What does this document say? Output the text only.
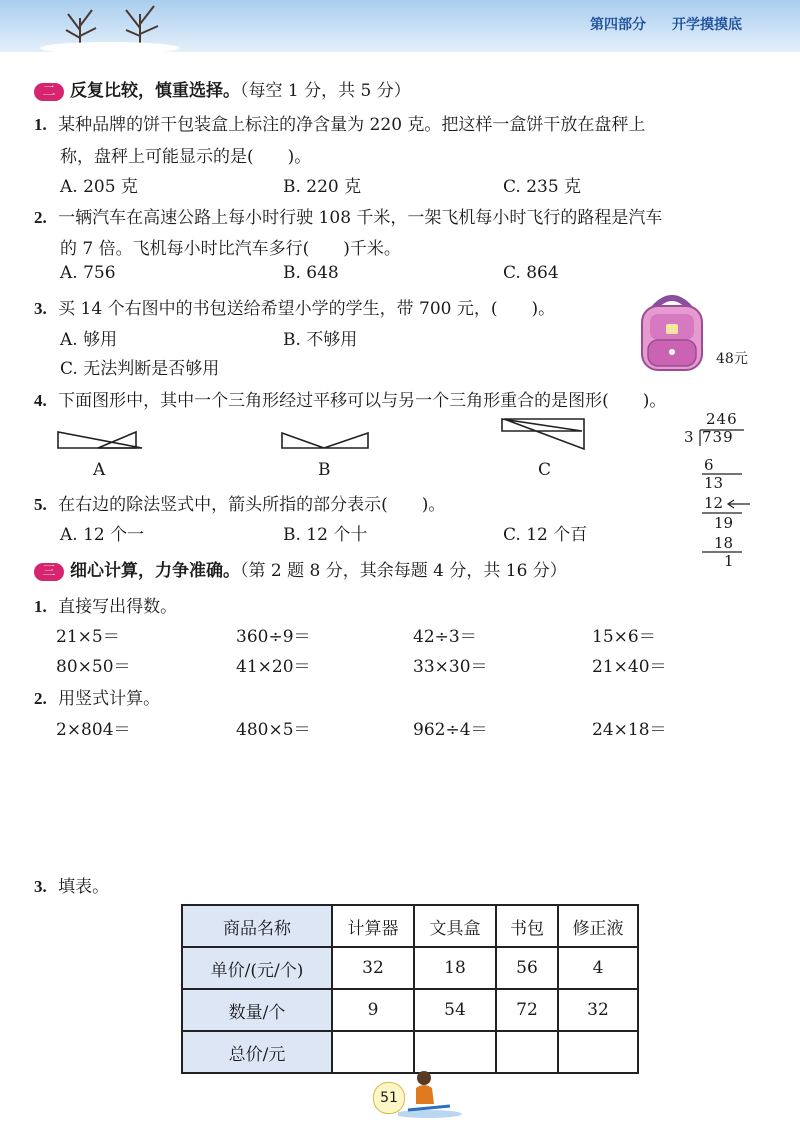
第四部分 开学摸摸底
二 反复比较，慎重选择。（每空 1 分，共 5 分）
1. 某种品牌的饼干包装盒上标注的净含量为 220 克。把这样一盒饼干放在盘秤上
称，盘秤上可能显示的是(　　)。
A. 205 克	B. 220 克	C. 235 克
2. 一辆汽车在高速公路上每小时行驶 108 千米，一架飞机每小时飞行的路程是汽车
的 7 倍。飞机每小时比汽车多行(　　)千米。
A. 756	B. 648	C. 864
3. 买 14 个右图中的书包送给希望小学的学生，带 700 元，(　　)。
A. 够用	B. 不够用
C. 无法判断是否够用	48元
4. 下面图形中，其中一个三角形经过平移可以与另一个三角形重合的是图形(　　)。
A	B	C
5. 在右边的除法竖式中，箭头所指的部分表示(　　)。
A. 12 个一	B. 12 个十	C. 12 个百
246
3 739
6
13
12
19
18
1
三 细心计算，力争准确。（第 2 题 8 分，其余每题 4 分，共 16 分）
1. 直接写出得数。
21×5＝	360÷9＝	42÷3＝	15×6＝
80×50＝	41×20＝	33×30＝	21×40＝
2. 用竖式计算。
2×804＝	480×5＝	962÷4＝	24×18＝
3. 填表。
商品名称	计算器	文具盒	书包	修正液
单价/(元/个)	32	18	56	4
数量/个	9	54	72	32
总价/元				
51
